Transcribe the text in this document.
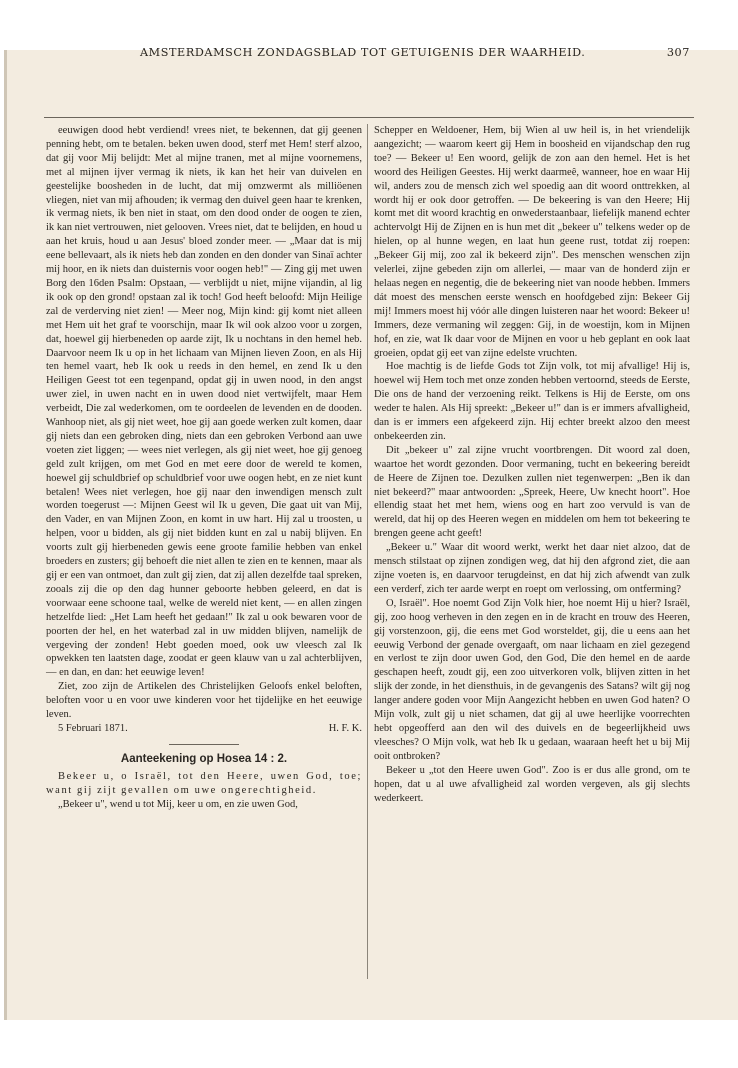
AMSTERDAMSCH ZONDAGSBLAD TOT GETUIGENIS DER WAARHEID.	307

eeuwigen dood hebt verdiend! vrees niet, te bekennen, dat gij geenen penning hebt, om te betalen. beken uwen dood, sterf met Hem! sterf alzoo, dat gij voor Mij belijdt: Met al mijne tranen, met al mijne voornemens, met al mijnen ijver vermag ik niets, ik kan het heir van duivelen en geestelijke boosheden in de lucht, dat mij omzwermt als milliöenen vliegen, niet van mij afhouden; ik vermag den duivel geen haar te krenken, ik vermag niets, ik ben niet in staat, om den dood onder de oogen te zien, ik kan niet vertrouwen, niet gelooven. Vrees niet, dat te belijden, en houd u aan het kruis, houd u aan Jesus' bloed zonder meer. — „Maar dat is mij eene bellevaart, als ik niets heb dan zonden en den donder van Sinaï achter mij hoor, en ik niets dan duisternis voor oogen heb!" — Zing gij met uwen Borg den 16den Psalm: Opstaan, — verblijdt u niet, mijne vijandin, al lig ik ook op den grond! opstaan zal ik toch! God heeft beloofd: Mijn Heilige zal de verderving niet zien! — Meer nog, Mijn kind: gij komt niet alleen met Hem uit het graf te voorschijn, maar Ik wil ook alzoo voor u zorgen, dat, hoewel gij hierbeneden op aarde zijt, Ik u nochtans in den hemel heb. Daarvoor neem Ik u op in het lichaam van Mijnen lieven Zoon, en als Hij ten hemel vaart, heb Ik ook u reeds in den hemel, en zend Ik u den Heiligen Geest tot een tegenpand, opdat gij in uwen nood, in den angst uwer ziel, in uwen nacht en in uwen dood niet vertwijfelt, maar Hem verbeidt, Die zal wederkomen, om te oordeelen de levenden en de dooden. Wanhoop niet, als gij niet weet, hoe gij aan goede werken zult komen, daar gij niets dan een gebroken ding, niets dan een gebroken Verbond aan uwe voeten ziet liggen; — wees niet verlegen, als gij niet weet, hoe gij genoeg geld zult krijgen, om met God en met eere door de wereld te komen, hoewel gij schuldbrief op schuldbrief voor uwe oogen hebt, en ze niet kunt betalen! Wees niet verlegen, hoe gij naar den inwendigen mensch zult worden toegerust —: Mijnen Geest wil Ik u geven, Die gaat uit van Mij, den Vader, en van Mijnen Zoon, en komt in uw hart. Hij zal u troosten, u helpen, voor u bidden, als gij niet bidden kunt en zal u nabij blijven. En voorts zult gij hierbeneden gewis eene groote familie hebben van enkel broeders en zusters; gij behoeft die niet allen te zien en te kennen, maar als gij er een van ontmoet, dan zult gij zien, dat zij allen dezelfde taal spreken, zooals zij die op den dag hunner geboorte hebben geleerd, en dat is voorwaar eene schoone taal, welke de wereld niet kent, — en allen zingen hetzelfde lied: „Het Lam heeft het gedaan!" Ik zal u ook bewaren voor de poorten der hel, en het waterbad zal in uw midden blijven, namelijk de vergeving der zonden! Hebt goeden moed, ook uw vleesch zal Ik opwekken ten laatsten dage, zoodat er geen klauw van u zal achterblijven, — en dan, en dan: het eeuwige leven!

Ziet, zoo zijn de Artikelen des Christelijken Geloofs enkel beloften, beloften voor u en voor uwe kinderen voor het tijdelijke en het eeuwige leven.

5 Februari 1871.	H. F. K.

Aanteekening op Hosea 14 : 2.

Bekeer u, o Israël, tot den Heere, uwen God, toe; want gij zijt gevallen om uwe ongerechtigheid.

„Bekeer u", wend u tot Mij, keer u om, en zie uwen God,

Schepper en Weldoener, Hem, bij Wien al uw heil is, in het vriendelijk aangezicht; — waarom keert gij Hem in boosheid en vijandschap den rug toe? — Bekeer u! Een woord, gelijk de zon aan den hemel. Het is het woord des Heiligen Geestes. Hij werkt daarmeê, wanneer, hoe en waar Hij wil, anders zou de mensch zich wel spoedig aan dit woord onttrekken, al wordt hij er ook door getroffen. — De bekeering is van den Heere; Hij komt met dit woord krachtig en onwederstaanbaar, liefelijk manend echter achtervolgt Hij de Zijnen en is hun met dit „bekeer u" telkens weder op de hielen, op al hunne wegen, en laat hun geene rust, totdat zij roepen: „Bekeer Gij mij, zoo zal ik bekeerd zijn". Des menschen wenschen zijn velerlei, zijne gebeden zijn om allerlei, — maar van de honderd zijn er helaas negen en negentig, die de bekeering niet van noode hebben. Immers dát moest des menschen eerste wensch en hoofdgebed zijn: Bekeer Gij mij! Immers moest hij vóór alle dingen luisteren naar het woord: Bekeer u! Immers, deze vermaning wil zeggen: Gij, in de woestijn, kom in Mijnen hof, en zie, wat Ik daar voor de Mijnen en voor u heb geplant en ook laat groeien, opdat gij eet van zijne edelste vruchten.

Hoe machtig is de liefde Gods tot Zijn volk, tot mij afvallige! Hij is, hoewel wij Hem toch met onze zonden hebben vertoornd, steeds de Eerste, Die ons de hand der verzoening reikt. Telkens is Hij de Eerste, om ons weder te halen. Als Hij spreekt: „Bekeer u!" dan is er immers afvalligheid, dan is er immers een afgekeerd zijn. Hij echter breekt alzoo den meest onbekeerden zin.

Dit „bekeer u" zal zijne vrucht voortbrengen. Dit woord zal doen, waartoe het wordt gezonden. Door vermaning, tucht en bekeering bereidt de Heere de Zijnen toe. Dezulken zullen niet tegenwerpen: „Ben ik dan niet bekeerd?" maar antwoorden: „Spreek, Heere, Uw knecht hoort". Hoe ellendig staat het met hem, wiens oog en hart zoo vervuld is van de wereld, dat hij op des Heeren wegen en middelen om hem tot bekeering te brengen geene acht geeft!

„Bekeer u." Waar dit woord werkt, werkt het daar niet alzoo, dat de mensch stilstaat op zijnen zondigen weg, dat hij den afgrond ziet, die aan zijne voeten is, en daarvoor terugdeinst, en dat hij zich afwendt van zulk een verderf, zich ter aarde werpt en roept om verlossing, om ontferming?

O, Israël". Hoe noemt God Zijn Volk hier, hoe noemt Hij u hier? Israël, gij, zoo hoog verheven in den zegen en in de kracht en trouw des Heeren, gij vorstenzoon, gij, die eens met God worsteldet, gij, die u eens aan het eeuwig Verbond der genade overgaaft, om naar lichaam en ziel gezegend en verlost te zijn door uwen God, den God, Die den hemel en de aarde geschapen heeft, zoudt gij, een zoo uitverkoren volk, blijven zitten in het slijk der zonde, in het diensthuis, in de gevangenis des Satans? wilt gij nog langer andere goden voor Mijn Aangezicht hebben en uwen God haten? O Mijn volk, zult gij u niet schamen, dat gij al uwe heerlijke voorrechten hebt opgeofferd aan den wil des duivels en de begeerlijkheid uws vleesches? O Mijn volk, wat heb Ik u gedaan, waaraan heeft het u bij Mij ooit ontbroken?

Bekeer u „tot den Heere uwen God". Zoo is er dus alle grond, om te hopen, dat u al uwe afvalligheid zal worden vergeven, als gij slechts wederkeert.
